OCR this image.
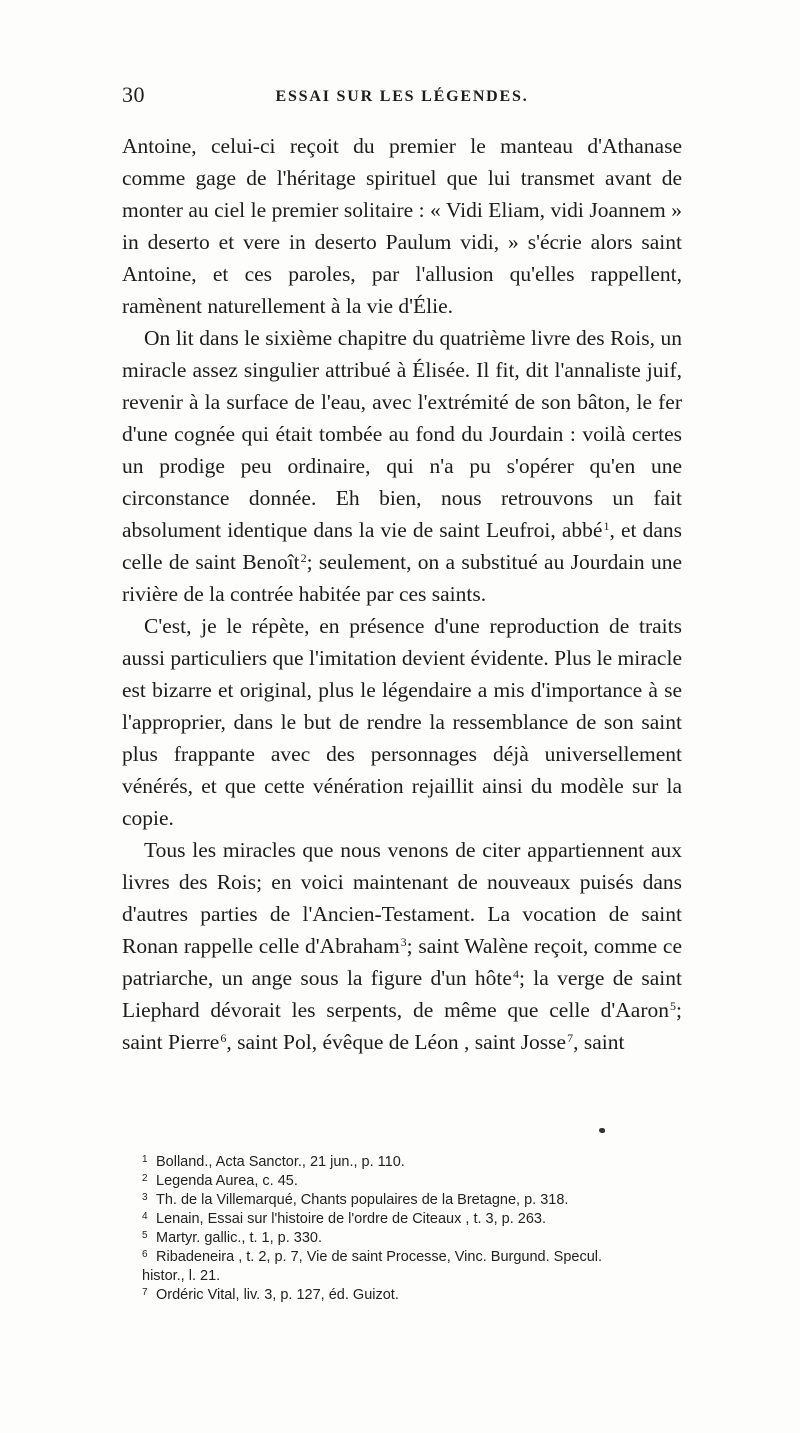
30	ESSAI SUR LES LÉGENDES.

Antoine, celui-ci reçoit du premier le manteau d'Athanase comme gage de l'héritage spirituel que lui transmet avant de monter au ciel le premier solitaire : « Vidi Eliam, vidi Joannem » in deserto et vere in deserto Paulum vidi, » s'écrie alors saint Antoine, et ces paroles, par l'allusion qu'elles rappellent, ramènent naturellement à la vie d'Élie.

On lit dans le sixième chapitre du quatrième livre des Rois, un miracle assez singulier attribué à Élisée. Il fit, dit l'annaliste juif, revenir à la surface de l'eau, avec l'extrémité de son bâton, le fer d'une cognée qui était tombée au fond du Jourdain : voilà certes un prodige peu ordinaire, qui n'a pu s'opérer qu'en une circonstance donnée. Eh bien, nous retrouvons un fait absolument identique dans la vie de saint Leufroi, abbé$^1$, et dans celle de saint Benoît$^2$; seulement, on a substitué au Jourdain une rivière de la contrée habitée par ces saints.

C'est, je le répète, en présence d'une reproduction de traits aussi particuliers que l'imitation devient évidente. Plus le miracle est bizarre et original, plus le légendaire a mis d'importance à se l'approprier, dans le but de rendre la ressemblance de son saint plus frappante avec des personnages déjà universellement vénérés, et que cette vénération rejaillit ainsi du modèle sur la copie.

Tous les miracles que nous venons de citer appartiennent aux livres des Rois; en voici maintenant de nouveaux puisés dans d'autres parties de l'Ancien-Testament. La vocation de saint Ronan rappelle celle d'Abraham$^3$; saint Walène reçoit, comme ce patriarche, un ange sous la figure d'un hôte$^4$; la verge de saint Liephard dévorait les serpents, de même que celle d'Aaron$^5$; saint Pierre$^6$, saint Pol, évêque de Léon , saint Josse$^7$, saint

1 Bolland., Acta Sanctor., 21 jun., p. 110.
2 Legenda Aurea, c. 45.
3 Th. de la Villemarqué, Chants populaires de la Bretagne, p. 318.
4 Lenain, Essai sur l'histoire de l'ordre de Citeaux , t. 3, p. 263.
5 Martyr. gallic., t. 1, p. 330.
6 Ribadeneira , t. 2, p. 7, Vie de saint Processe, Vinc. Burgund. Specul.
histor., l. 21.
7 Ordéric Vital, liv. 3, p. 127, éd. Guizot.
